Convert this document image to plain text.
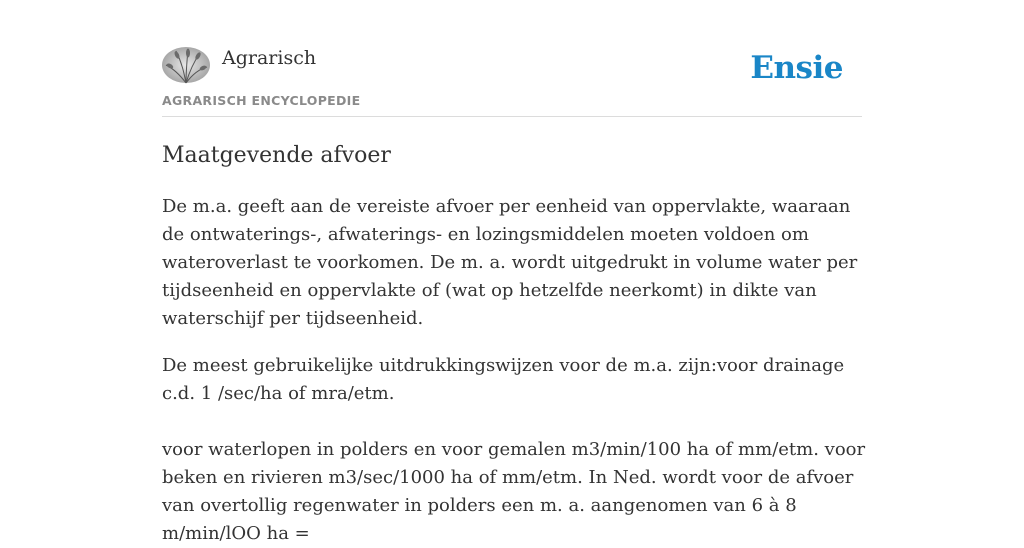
Agrarisch
AGRARISCH ENCYCLOPEDIE
Ensie
Maatgevende afvoer

De m.a. geeft aan de vereiste afvoer per eenheid van oppervlakte, waaraan de ontwaterings-, afwaterings- en lozingsmiddelen moeten voldoen om wateroverlast te voorkomen. De m. a. wordt uitgedrukt in volume water per tijdseenheid en oppervlakte of (wat op hetzelfde neerkomt) in dikte van waterschijf per tijdseenheid.

De meest gebruikelijke uitdrukkingswijzen voor de m.a. zijn:voor drainage c.d. 1 /sec/ha of mra/etm.

voor waterlopen in polders en voor gemalen m3/min/100 ha of mm/etm. voor beken en rivieren m3/sec/1000 ha of mm/etm. In Ned. wordt voor de afvoer van overtollig regenwater in polders een m. a. aangenomen van 6 à 8 m/min/lOO ha =
